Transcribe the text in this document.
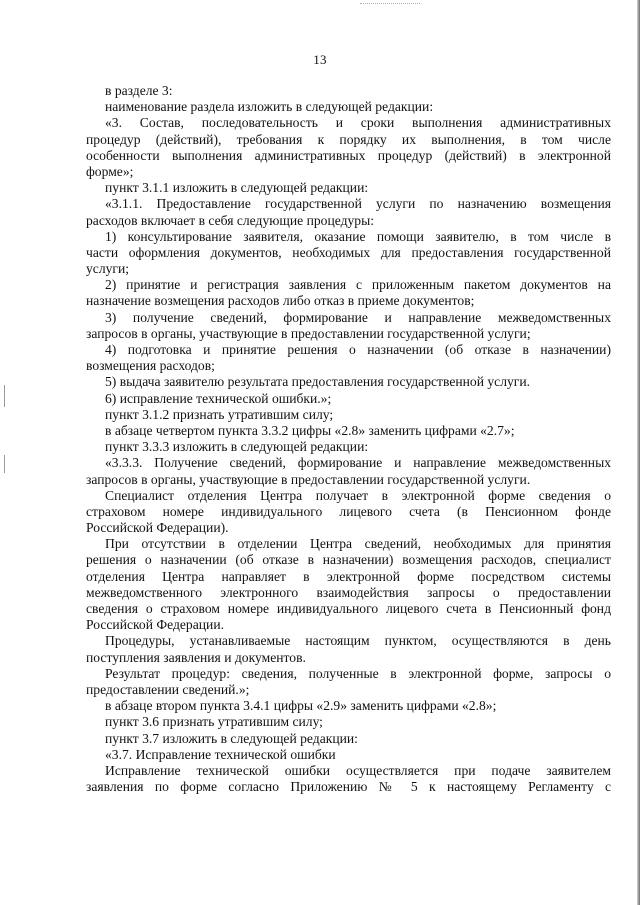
13
в разделе 3:
наименование раздела изложить в следующей редакции:
«3. Состав, последовательность и сроки выполнения административных
процедур (действий), требования к порядку их выполнения, в том числе
особенности выполнения административных процедур (действий) в электронной
форме»;
пункт 3.1.1 изложить в следующей редакции:
«3.1.1. Предоставление государственной услуги по назначению возмещения
расходов включает в себя следующие процедуры:
1) консультирование заявителя, оказание помощи заявителю, в том числе в
части оформления документов, необходимых для предоставления государственной
услуги;
2) принятие и регистрация заявления с приложенным пакетом документов на
назначение возмещения расходов либо отказ в приеме документов;
3) получение сведений, формирование и направление межведомственных
запросов в органы, участвующие в предоставлении государственной услуги;
4) подготовка и принятие решения о назначении (об отказе в назначении)
возмещения расходов;
5) выдача заявителю результата предоставления государственной услуги.
6) исправление технической ошибки.»;
пункт 3.1.2 признать утратившим силу;
в абзаце четвертом пункта 3.3.2 цифры «2.8» заменить цифрами «2.7»;
пункт 3.3.3 изложить в следующей редакции:
«3.3.3. Получение сведений, формирование и направление межведомственных
запросов в органы, участвующие в предоставлении государственной услуги.
Специалист отделения Центра получает в электронной форме сведения о
страховом номере индивидуального лицевого счета (в Пенсионном фонде
Российской Федерации).
При отсутствии в отделении Центра сведений, необходимых для принятия
решения о назначении (об отказе в назначении) возмещения расходов, специалист
отделения Центра направляет в электронной форме посредством системы
межведомственного электронного взаимодействия запросы о предоставлении
сведения о страховом номере индивидуального лицевого счета в Пенсионный фонд
Российской Федерации.
Процедуры, устанавливаемые настоящим пунктом, осуществляются в день
поступления заявления и документов.
Результат процедур: сведения, полученные в электронной форме, запросы о
предоставлении сведений.»;
в абзаце втором пункта 3.4.1 цифры «2.9» заменить цифрами «2.8»;
пункт 3.6 признать утратившим силу;
пункт 3.7 изложить в следующей редакции:
«3.7. Исправление технической ошибки
Исправление технической ошибки осуществляется при подаче заявителем
заявления по форме согласно Приложению № 5 к настоящему Регламенту с
